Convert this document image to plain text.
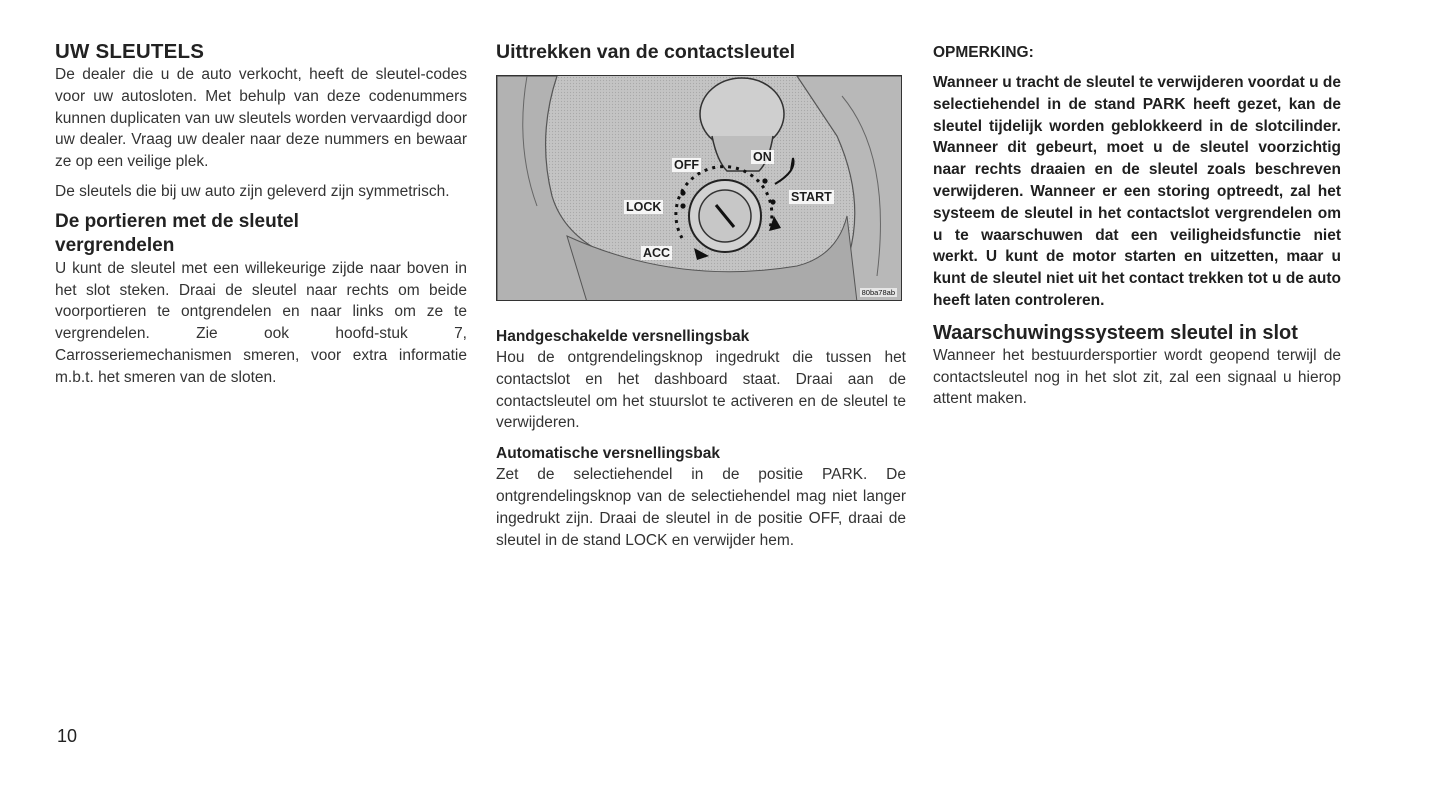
UW SLEUTELS

De dealer die u de auto verkocht, heeft de sleutel-codes voor uw autosloten. Met behulp van deze codenummers kunnen duplicaten van uw sleutels worden vervaardigd door uw dealer. Vraag uw dealer naar deze nummers en bewaar ze op een veilige plek.

De sleutels die bij uw auto zijn geleverd zijn symmetrisch.

De portieren met de sleutel vergrendelen

U kunt de sleutel met een willekeurige zijde naar boven in het slot steken. Draai de sleutel naar rechts om beide voorportieren te ontgrendelen en naar links om ze te vergrendelen. Zie ook hoofd-stuk 7, Carrosseriemechanismen smeren, voor extra informatie m.b.t. het smeren van de sloten.

Uittrekken van de contactsleutel
OFF
ON
START
LOCK
ACC
80ba78ab
Handgeschakelde versnellingsbak

Hou de ontgrendelingsknop ingedrukt die tussen het contactslot en het dashboard staat. Draai aan de contactsleutel om het stuurslot te activeren en de sleutel te verwijderen.

Automatische versnellingsbak

Zet de selectiehendel in de positie PARK. De ontgrendelingsknop van de selectiehendel mag niet langer ingedrukt zijn. Draai de sleutel in de positie OFF, draai de sleutel in de stand LOCK en verwijder hem.

OPMERKING:

Wanneer u tracht de sleutel te verwijderen voordat u de selectiehendel in de stand PARK heeft gezet, kan de sleutel tijdelijk worden geblokkeerd in de slotcilinder. Wanneer dit gebeurt, moet u de sleutel voorzichtig naar rechts draaien en de sleutel zoals beschreven verwijderen. Wanneer er een storing optreedt, zal het systeem de sleutel in het contactslot vergrendelen om u te waarschuwen dat een veiligheidsfunctie niet werkt. U kunt de motor starten en uitzetten, maar u kunt de sleutel niet uit het contact trekken tot u de auto heeft laten controleren.

Waarschuwingssysteem sleutel in slot

Wanneer het bestuurdersportier wordt geopend terwijl de contactsleutel nog in het slot zit, zal een signaal u hierop attent maken.

10
